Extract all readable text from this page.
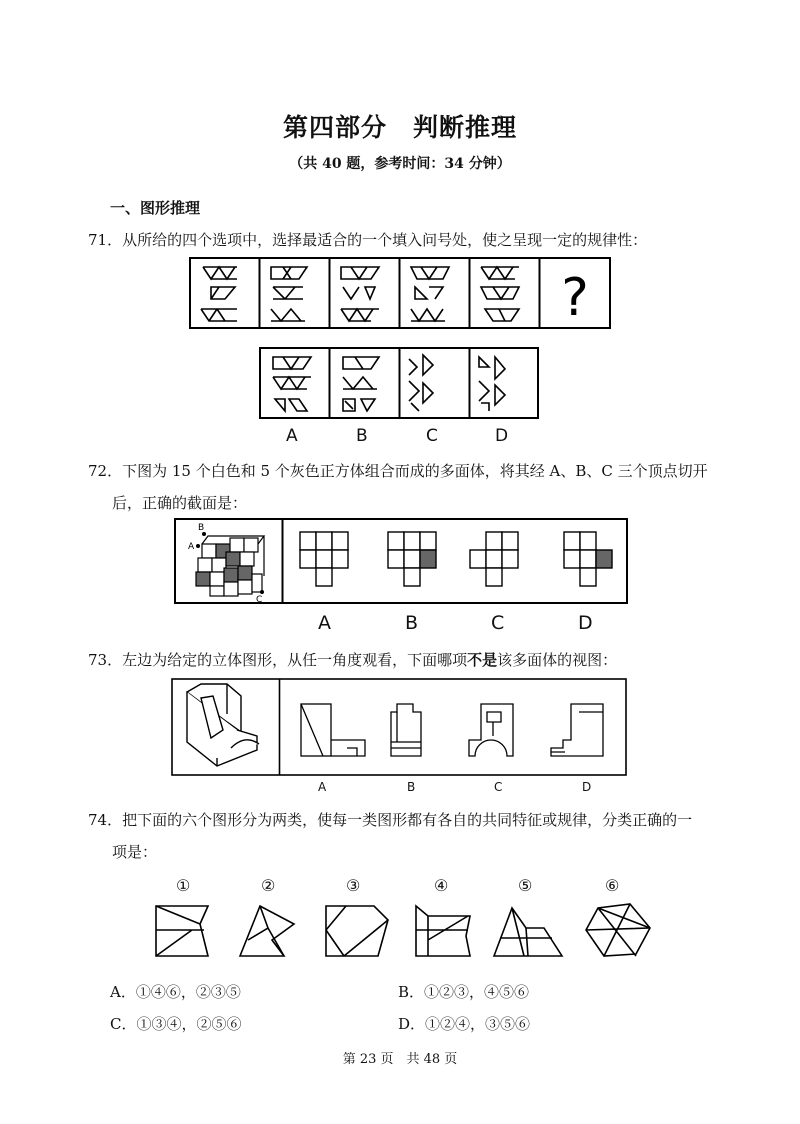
第四部分　判断推理
（共 40 题，参考时间：34 分钟）
一、图形推理
71．从所给的四个选项中，选择最适合的一个填入问号处，使之呈现一定的规律性：
?
A	B	C	D
72．下图为 15 个白色和 5 个灰色正方体组合而成的多面体，将其经 A、B、C 三个顶点切开
后，正确的截面是：
B
A
C
A	B	C	D
73．左边为给定的立体图形，从任一角度观看，下面哪项不是该多面体的视图：
A	B	C	D
74．把下面的六个图形分为两类，使每一类图形都有各自的共同特征或规律，分类正确的一
项是：
①	②	③	④	⑤	⑥
A．①④⑥，②③⑤	B．①②③，④⑤⑥
C．①③④，②⑤⑥	D．①②④，③⑤⑥
第 23 页　共 48 页
